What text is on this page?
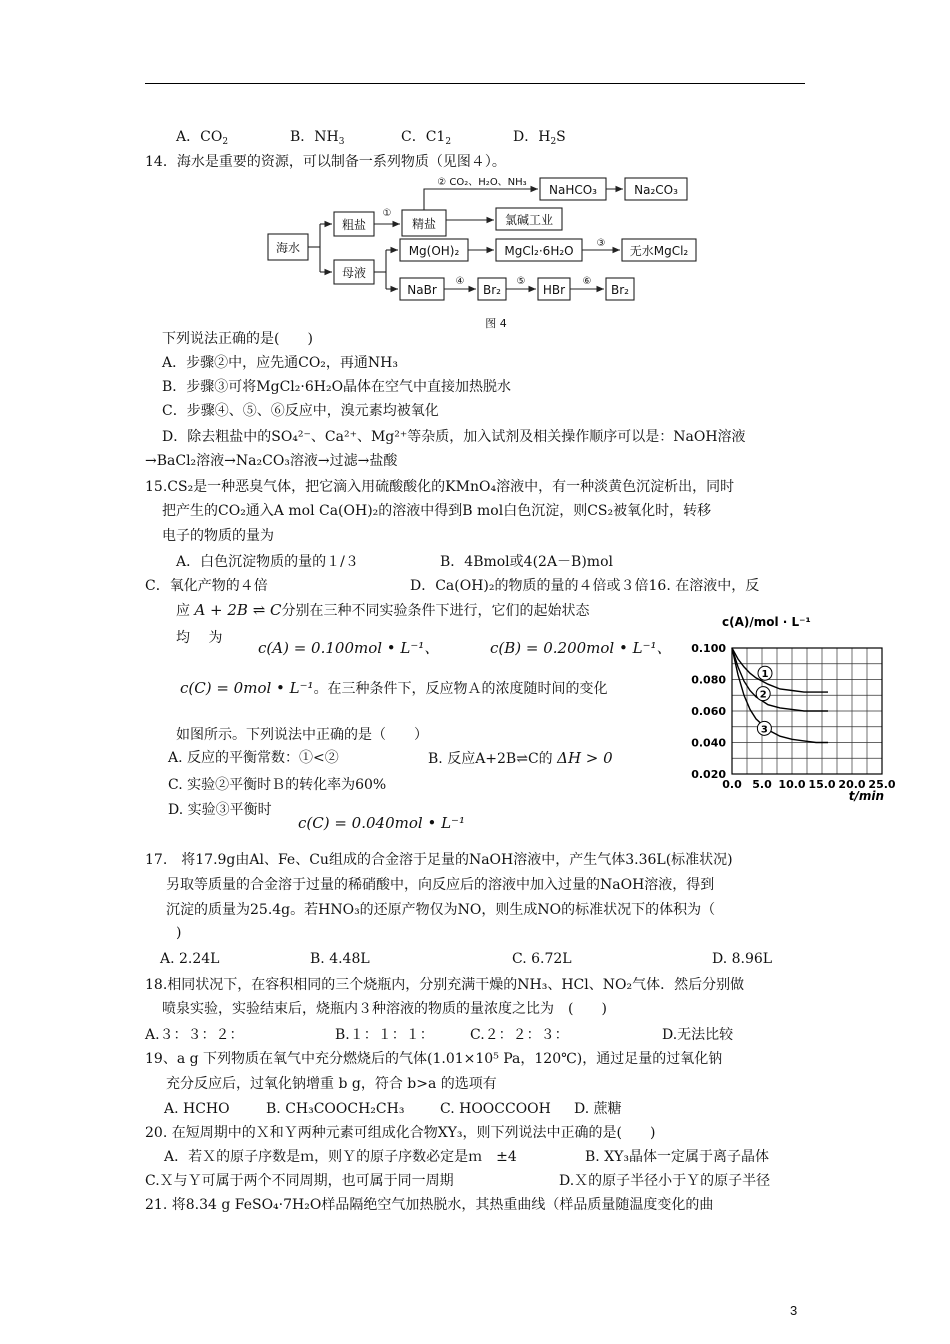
A．$CO_2$	B．$NH_3$	C．$C1_2$	D．$H_2S$
14．海水是重要的资源，可以制备一系列物质（见图４）。
海水
粗盐
①
精盐	氯碱工业
② CO₂、H₂O、NH₃
NaHCO₃	Na₂CO₃
母液
Mg(OH)₂	MgCl₂·6H₂O
③
无水MgCl₂
NaBr
④
Br₂
⑤
HBr
⑥
Br₂
图 4
下列说法正确的是(　　)
A．步骤②中，应先通CO₂，再通NH₃
B．步骤③可将MgCl₂·6H₂O晶体在空气中直接加热脱水
C．步骤④、⑤、⑥反应中，溴元素均被氧化
D．除去粗盐中的SO₄²⁻、Ca²⁺、Mg²⁺等杂质，加入试剂及相关操作顺序可以是：NaOH溶液
→BaCl₂溶液→Na₂CO₃溶液→过滤→盐酸
15.CS₂是一种恶臭气体，把它滴入用硫酸酸化的KMnO₄溶液中，有一种淡黄色沉淀析出，同时
把产生的CO₂通入A mol Ca(OH)₂的溶液中得到B mol白色沉淀，则CS₂被氧化时，转移
电子的物质的量为
A．白色沉淀物质的量的１/３	B．4Bmol或4(2A－B)mol
C．氧化产物的４倍	D．Ca(OH)₂的物质的量的４倍或３倍16. 在溶液中，反
应 A + 2B ⇌ C分别在三种不同实验条件下进行，它们的起始状态
均　 为
c(A) = 0.100mol • L⁻¹、	c(B) = 0.200mol • L⁻¹、
c(C) = 0mol • L⁻¹。在三种条件下，反应物Ａ的浓度随时间的变化
如图所示。下列说法中正确的是（　　）
A. 反应的平衡常数：①<②	B. 反应A+2B⇌C的 ΔH > 0
C. 实验②平衡时Ｂ的转化率为60%
D. 实验③平衡时
c(C) = 0.040mol • L⁻¹
0.100
0.080
0.060
0.040
0.020
0.0 5.0 10.0 15.0 20.0 25.0
c(A)/mol · L⁻¹
t/min
1
2
3
17.　将17.9g由Al、Fe、Cu组成的合金溶于足量的NaOH溶液中，产生气体3.36L(标准状况)
另取等质量的合金溶于过量的稀硝酸中，向反应后的溶液中加入过量的NaOH溶液，得到
沉淀的质量为25.4g。若HNO₃的还原产物仅为NO，则生成NO的标准状况下的体积为（
)
A. 2.24L	B. 4.48L	C. 6.72L	D. 8.96L
18.相同状况下，在容积相同的三个烧瓶内，分别充满干燥的NH₃、HCl、NO₂气体．然后分别做
喷泉实验，实验结束后，烧瓶内３种溶液的物质的量浓度之比为　(　　)
A.３：３：２：	B.１：１：１：	C.２：２：３：	D.无法比较
19、a g 下列物质在氧气中充分燃烧后的气体(1.01×10⁵ Pa，120℃)，通过足量的过氧化钠
充分反应后，过氧化钠增重 b g，符合 b>a 的选项有
A. HCHO	B. CH₃COOCH₂CH₃	C. HOOCCOOH D. 蔗糖
20. 在短周期中的Ｘ和Ｙ两种元素可组成化合物XY₃，则下列说法中正确的是(　　)
A．若Ｘ的原子序数是ｍ，则Ｙ的原子序数必定是ｍ　±4	B. XY₃晶体一定属于离子晶体
C.Ｘ与Ｙ可属于两个不同周期，也可属于同一周期	D.Ｘ的原子半径小于Ｙ的原子半径
21. 将8.34 g FeSO₄·7H₂O样品隔绝空气加热脱水，其热重曲线（样品质量随温度变化的曲
3
